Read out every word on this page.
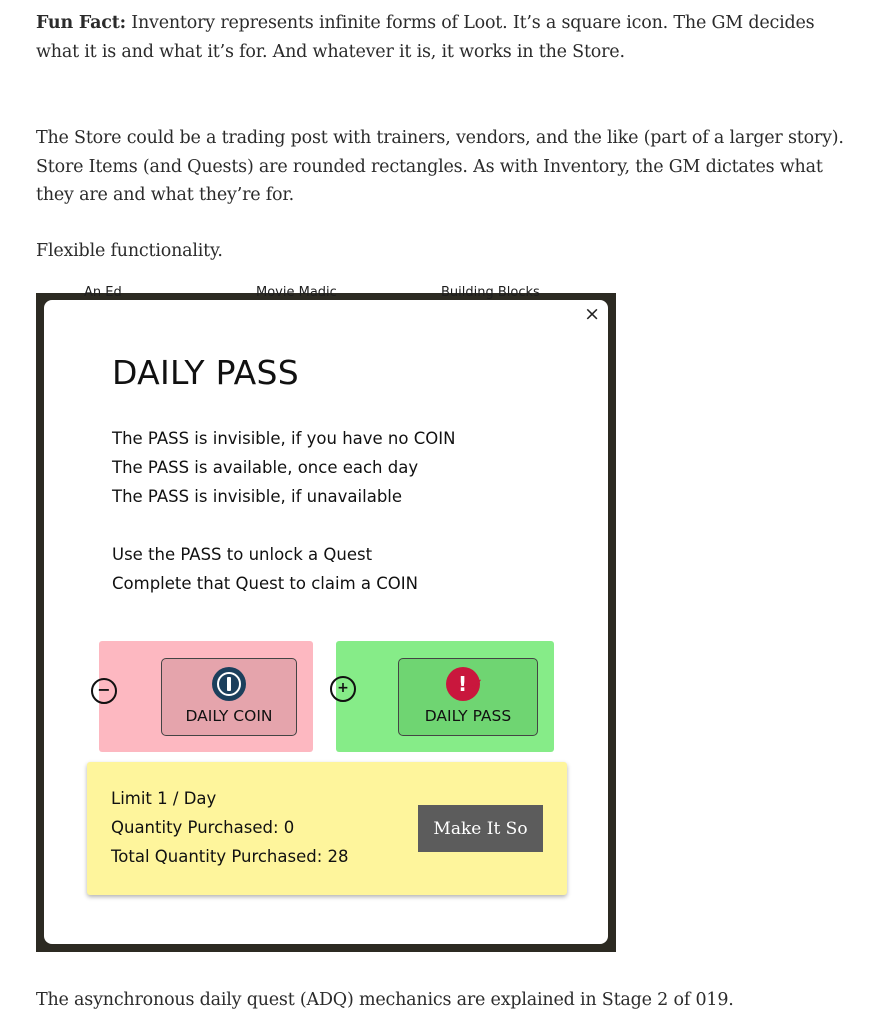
Fun Fact: Inventory represents infinite forms of Loot. It’s a square icon. The GM decides what it is and what it’s for. And whatever it is, it works in the Store.
The Store could be a trading post with trainers, vendors, and the like (part of a larger story). Store Items (and Quests) are rounded rectangles. As with Inventory, the GM dictates what they are and what they’re for.
Flexible functionality.
An Ed	Movie Madic	Building Blocks
×
DAILY PASS
The PASS is invisible, if you have no COIN
The PASS is available, once each day
The PASS is invisible, if unavailable
Use the PASS to unlock a Quest
Complete that Quest to claim a COIN
DAILY COIN
−	! ✓
DAILY PASS
+
Limit 1 / Day
Quantity Purchased: 0
Total Quantity Purchased: 28
Make It So
The asynchronous daily quest (ADQ) mechanics are explained in Stage 2 of 019.
